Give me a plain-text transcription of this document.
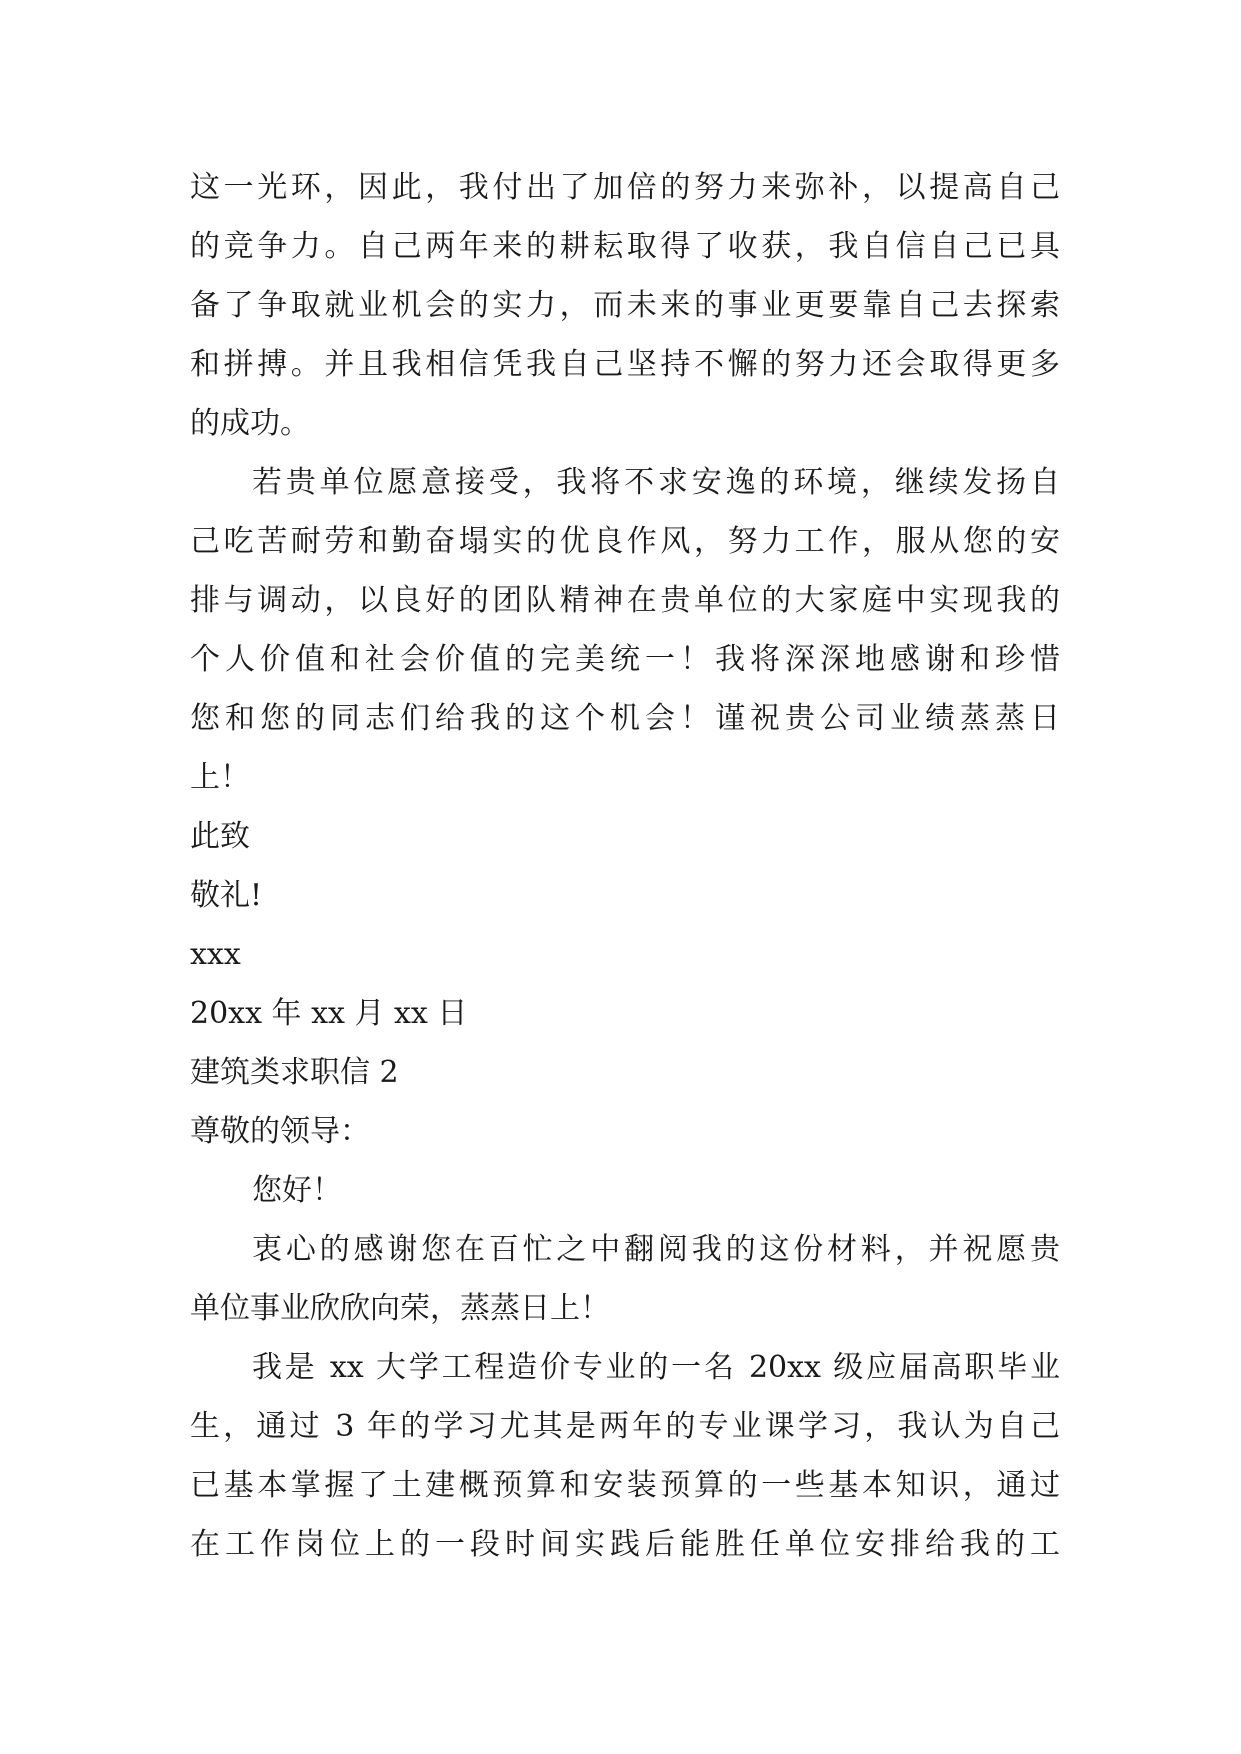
这一光环，因此，我付出了加倍的努力来弥补，以提高自己
的竞争力。自己两年来的耕耘取得了收获，我自信自己已具
备了争取就业机会的实力，而未来的事业更要靠自己去探索
和拼搏。并且我相信凭我自己坚持不懈的努力还会取得更多
的成功。
若贵单位愿意接受，我将不求安逸的环境，继续发扬自
己吃苦耐劳和勤奋塌实的优良作风，努力工作，服从您的安
排与调动，以良好的团队精神在贵单位的大家庭中实现我的
个人价值和社会价值的完美统一！我将深深地感谢和珍惜
您和您的同志们给我的这个机会！谨祝贵公司业绩蒸蒸日
上！
此致
敬礼!
xxx
20xx 年 xx 月 xx 日
建筑类求职信 2
尊敬的领导：
您好！
衷心的感谢您在百忙之中翻阅我的这份材料，并祝愿贵
单位事业欣欣向荣，蒸蒸日上！
我是 xx 大学工程造价专业的一名 20xx 级应届高职毕业
生，通过 3 年的学习尤其是两年的专业课学习，我认为自己
已基本掌握了土建概预算和安装预算的一些基本知识，通过
在工作岗位上的一段时间实践后能胜任单位安排给我的工
